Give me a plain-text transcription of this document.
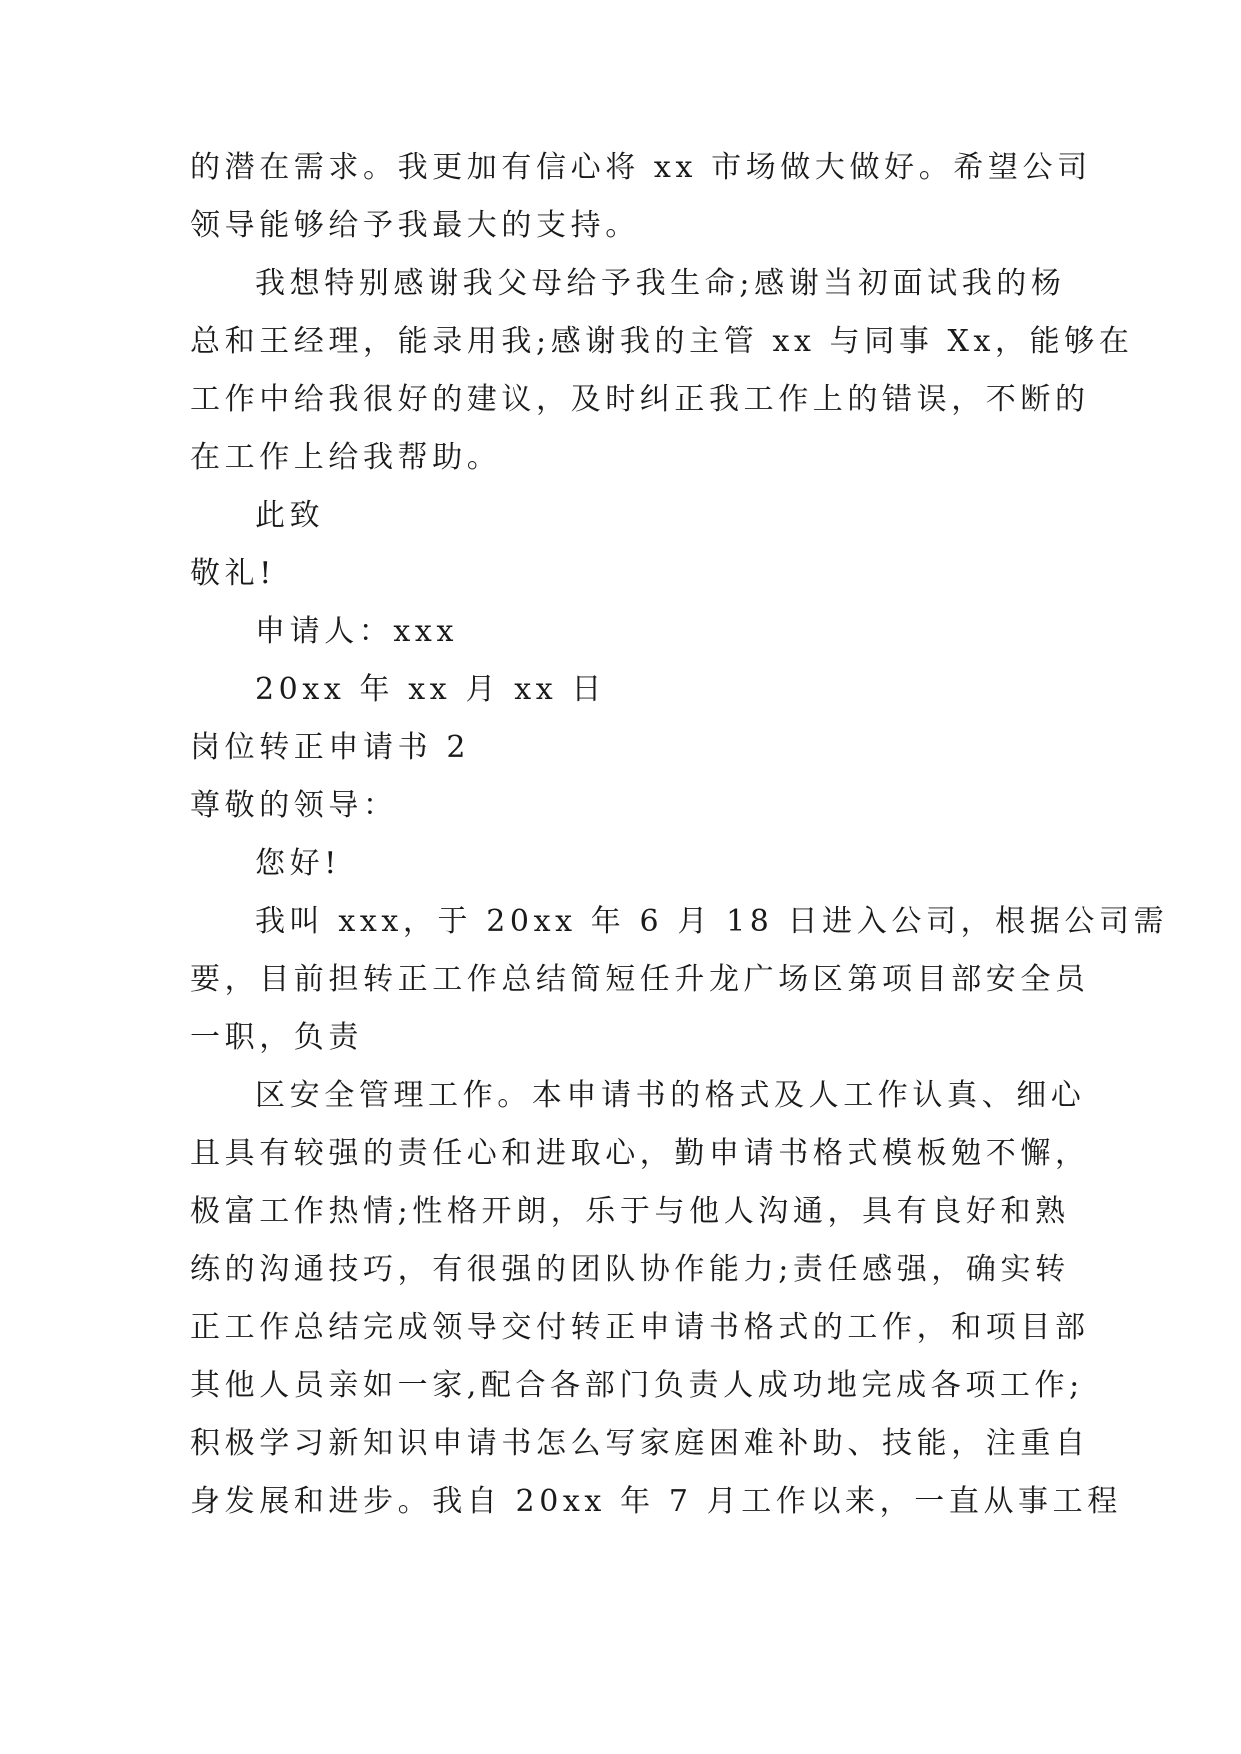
的潜在需求。我更加有信心将 xx 市场做大做好。希望公司
领导能够给予我最大的支持。
我想特别感谢我父母给予我生命;感谢当初面试我的杨
总和王经理，能录用我;感谢我的主管 xx 与同事 Xx，能够在
工作中给我很好的建议，及时纠正我工作上的错误，不断的
在工作上给我帮助。
此致
敬礼!
申请人：xxx
20xx 年 xx 月 xx 日
岗位转正申请书 2
尊敬的领导：
您好!
我叫 xxx，于 20xx 年 6 月 18 日进入公司，根据公司需
要，目前担转正工作总结简短任升龙广场区第项目部安全员
一职，负责
区安全管理工作。本申请书的格式及人工作认真、细心
且具有较强的责任心和进取心，勤申请书格式模板勉不懈，
极富工作热情;性格开朗，乐于与他人沟通，具有良好和熟
练的沟通技巧，有很强的团队协作能力;责任感强，确实转
正工作总结完成领导交付转正申请书格式的工作，和项目部
其他人员亲如一家,配合各部门负责人成功地完成各项工作;
积极学习新知识申请书怎么写家庭困难补助、技能，注重自
身发展和进步。我自 20xx 年 7 月工作以来，一直从事工程
